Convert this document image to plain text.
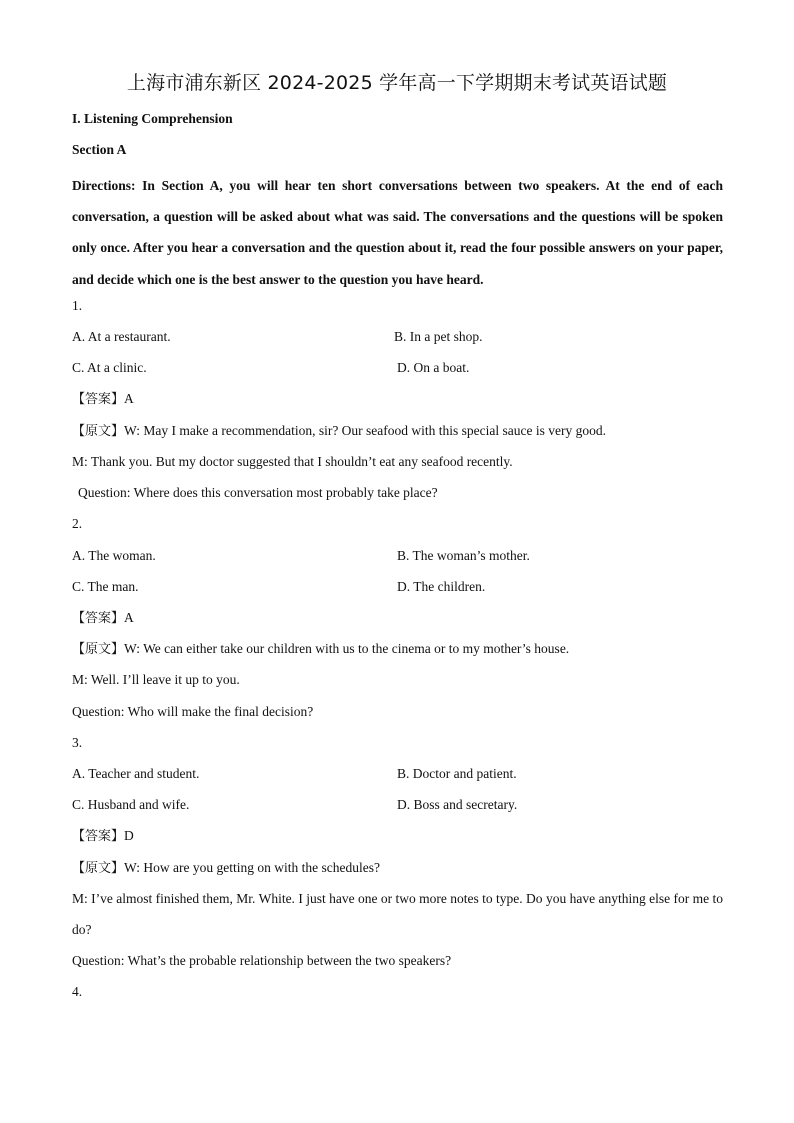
上海市浦东新区 2024-2025 学年高一下学期期末考试英语试题
I. Listening Comprehension
Section A
Directions: In Section A, you will hear ten short conversations between two speakers. At the end of each conversation, a question will be asked about what was said. The conversations and the questions will be spoken only once. After you hear a conversation and the question about it, read the four possible answers on your paper, and decide which one is the best answer to the question you have heard.
1.
A. At a restaurant.	B. In a pet shop.
C. At a clinic.	D. On a boat.
【答案】A
【原文】W: May I make a recommendation, sir? Our seafood with this special sauce is very good.
M: Thank you. But my doctor suggested that I shouldn’t eat any seafood recently.
Question: Where does this conversation most probably take place?
2.
A. The woman.	B. The woman’s mother.
C. The man.	D. The children.
【答案】A
【原文】W: We can either take our children with us to the cinema or to my mother’s house.
M: Well. I’ll leave it up to you.
Question: Who will make the final decision?
3.
A. Teacher and student.	B. Doctor and patient.
C. Husband and wife.	D. Boss and secretary.
【答案】D
【原文】W: How are you getting on with the schedules?
M: I’ve almost finished them, Mr. White. I just have one or two more notes to type. Do you have anything else for me to do?
Question: What’s the probable relationship between the two speakers?
4.
